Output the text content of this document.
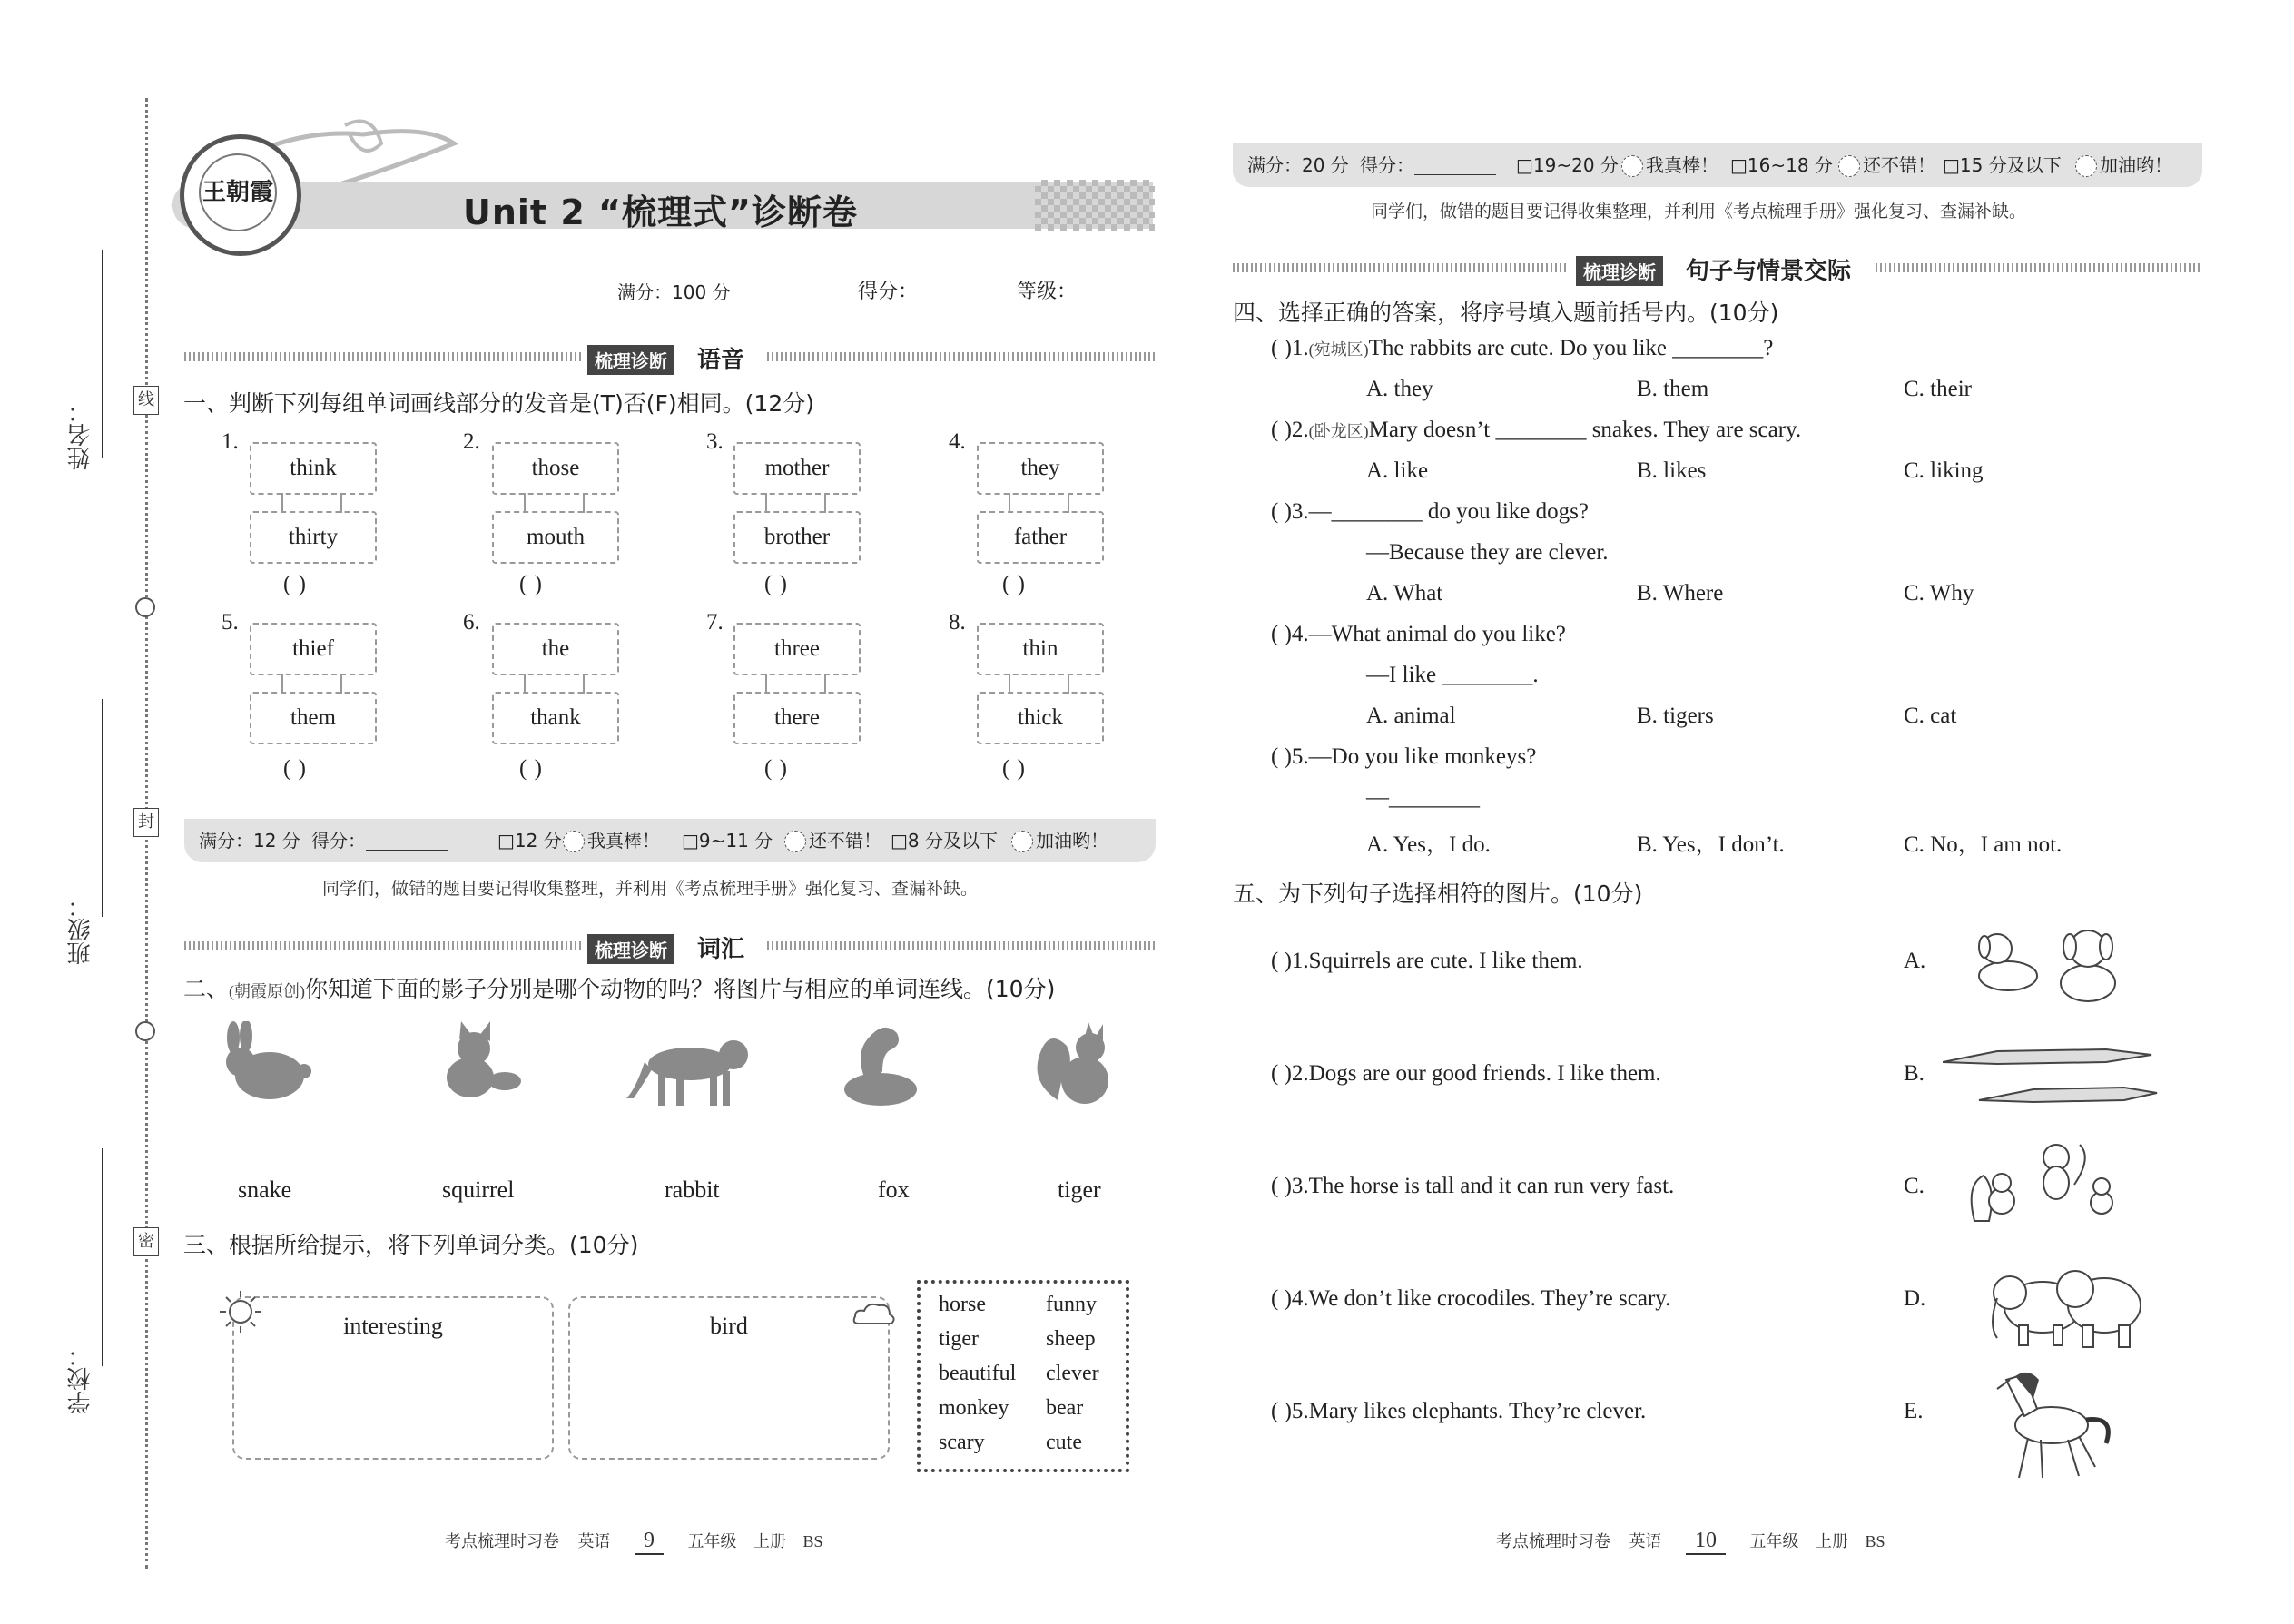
姓名：
班级：
学校：
线
封
密
王朝霞	Unit 2 “梳理式”诊断卷
满分：100 分	得分：	等级：
梳理诊断	语音
一、判断下列每组单词画线部分的发音是(T)否(F)相同。(12分)
1.
think
thirty
( )
2.
those
mouth
( )
3.
mother
brother
( )
4.
they
father
( )
5.
thief
them
( )
6.
the
thank
( )
7.
three
there
( )
8.
thin
thick
( )
满分：12 分 得分：	□12 分 我真棒！ □9~11 分 还不错！ □8 分及以下 加油哟！
同学们，做错的题目要记得收集整理，并利用《考点梳理手册》强化复习、查漏补缺。
梳理诊断	词汇
二、(朝霞原创)你知道下面的影子分别是哪个动物的吗？将图片与相应的单词连线。(10分)
snake	squirrel	rabbit	fox	tiger
三、根据所给提示，将下列单词分类。(10分)
interesting	bird
horse	funny
tiger	sheep
beautiful clever
monkey bear
scary	cute
考点梳理时习卷 英语 9 五年级 上册 BS
满分：20 分 得分：	□19~20 分 我真棒！ □16~18 分 还不错！ □15 分及以下 加油哟！
同学们，做错的题目要记得收集整理，并利用《考点梳理手册》强化复习、查漏补缺。
梳理诊断	句子与情景交际
四、选择正确的答案，将序号填入题前括号内。(10分)
( )1.(宛城区)The rabbits are cute. Do you like ________?
A. they	B. them	C. their
( )2.(卧龙区)Mary doesn’t ________ snakes. They are scary.
A. like	B. likes	C. liking
( )3.—________ do you like dogs?
—Because they are clever.
A. What	B. Where	C. Why
( )4.—What animal do you like?
—I like ________.
A. animal	B. tigers	C. cat
( )5.—Do you like monkeys?
—________
A. Yes，I do.	B. Yes，I don’t.	C. No，I am not.
五、为下列句子选择相符的图片。(10分)
( )1.Squirrels are cute. I like them.	A.
( )2.Dogs are our good friends. I like them.	B.
( )3.The horse is tall and it can run very fast.	C.
( )4.We don’t like crocodiles. They’re scary.	D.
( )5.Mary likes elephants. They’re clever.	E.
考点梳理时习卷 英语 10 五年级 上册 BS
